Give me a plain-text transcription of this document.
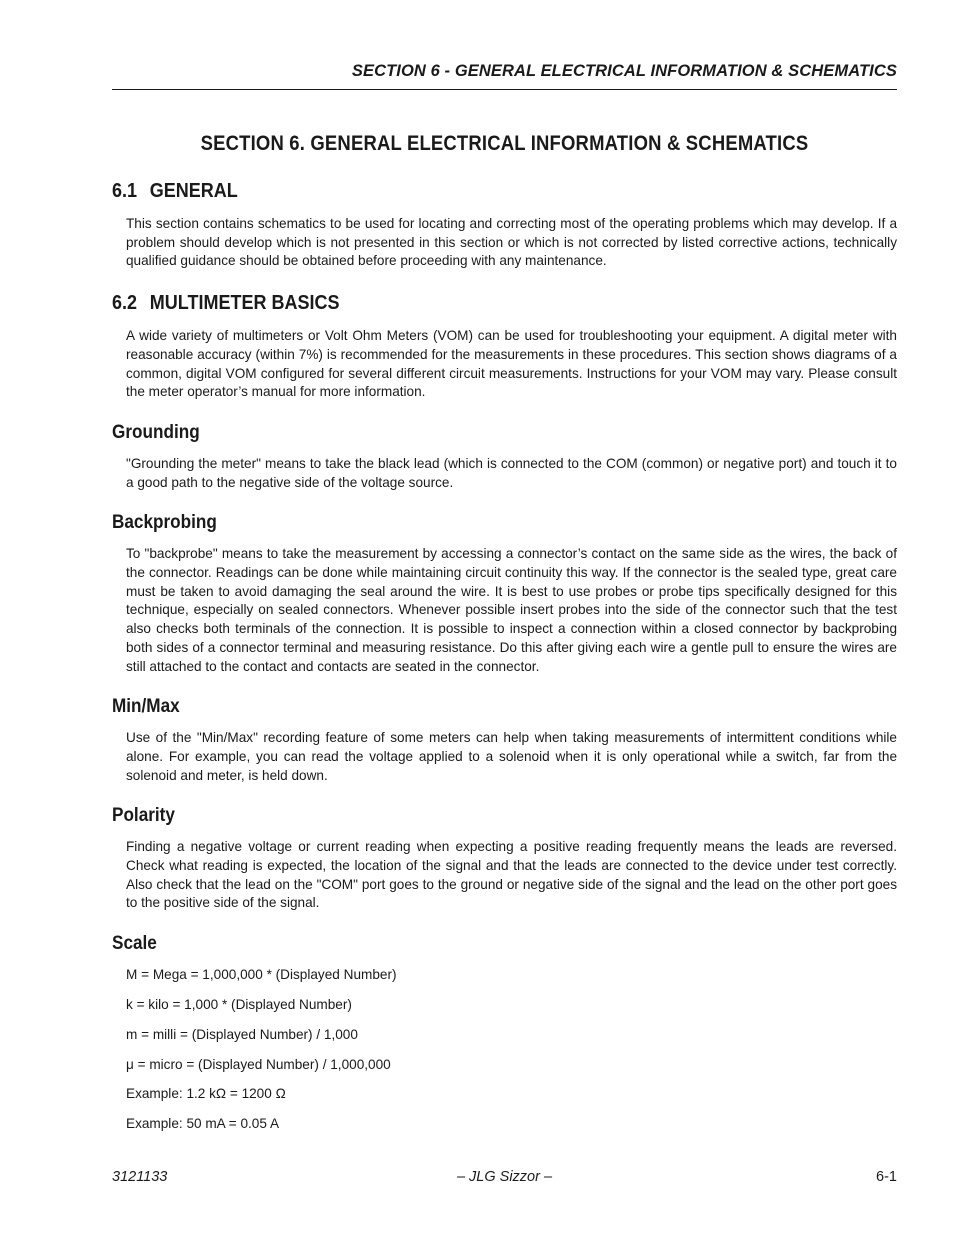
SECTION 6 - GENERAL ELECTRICAL INFORMATION & SCHEMATICS
SECTION 6. GENERAL ELECTRICAL INFORMATION & SCHEMATICS
6.1 GENERAL

This section contains schematics to be used for locating and correcting most of the operating problems which may develop. If a problem should develop which is not presented in this section or which is not corrected by listed corrective actions, technically qualified guidance should be obtained before proceeding with any maintenance.

6.2 MULTIMETER BASICS

A wide variety of multimeters or Volt Ohm Meters (VOM) can be used for troubleshooting your equipment. A digital meter with reasonable accuracy (within 7%) is recommended for the measurements in these procedures. This section shows diagrams of a common, digital VOM configured for several different circuit measurements. Instructions for your VOM may vary. Please consult the meter operator’s manual for more information.

Grounding

"Grounding the meter" means to take the black lead (which is connected to the COM (common) or negative port) and touch it to a good path to the negative side of the voltage source.

Backprobing

To "backprobe" means to take the measurement by accessing a connector’s contact on the same side as the wires, the back of the connector. Readings can be done while maintaining circuit continuity this way. If the connector is the sealed type, great care must be taken to avoid damaging the seal around the wire. It is best to use probes or probe tips specifically designed for this technique, especially on sealed connectors. Whenever possible insert probes into the side of the connector such that the test also checks both terminals of the connection. It is possible to inspect a connection within a closed connector by backprobing both sides of a connector terminal and measuring resistance. Do this after giving each wire a gentle pull to ensure the wires are still attached to the contact and contacts are seated in the connector.

Min/Max

Use of the "Min/Max" recording feature of some meters can help when taking measurements of intermittent conditions while alone. For example, you can read the voltage applied to a solenoid when it is only operational while a switch, far from the solenoid and meter, is held down.

Polarity

Finding a negative voltage or current reading when expecting a positive reading frequently means the leads are reversed. Check what reading is expected, the location of the signal and that the leads are connected to the device under test correctly. Also check that the lead on the "COM" port goes to the ground or negative side of the signal and the lead on the other port goes to the positive side of the signal.

Scale
M = Mega = 1,000,000 * (Displayed Number)
k = kilo = 1,000 * (Displayed Number)
m = milli = (Displayed Number) / 1,000
μ = micro = (Displayed Number) / 1,000,000
Example: 1.2 kΩ = 1200 Ω
Example: 50 mA = 0.05 A
3121133	– JLG Sizzor –	6-1
